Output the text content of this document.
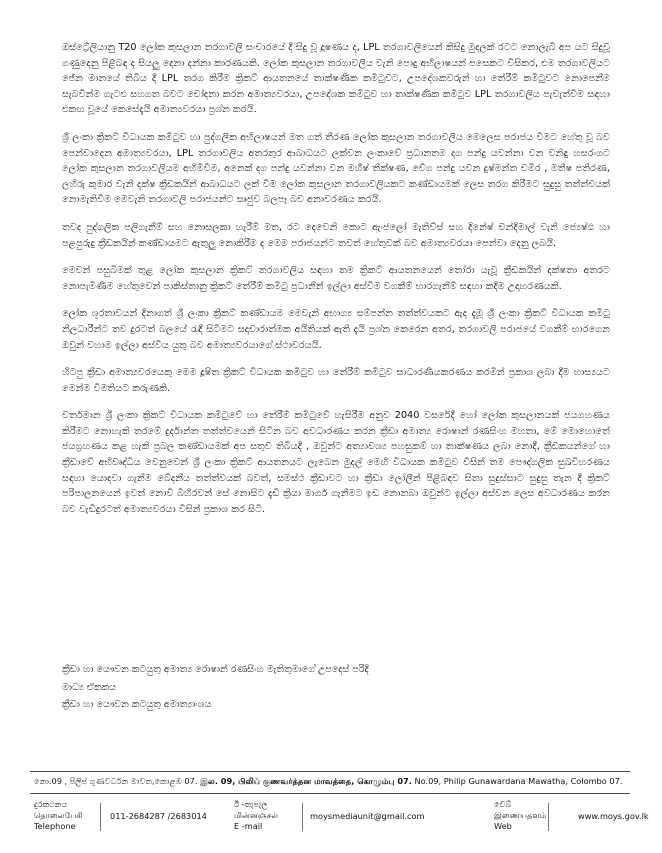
ඔස්ට්‍රේලියානු T20 ලෝක කුසලාන තරගාවලි සංචාරයේ දී සිදු වූ දූෂණය ද, LPL තරගාවලියෙන් කිසිදු මුදලක් රටට නොලැබී අප යට සිදුවූ ගණුදෙනු පිළිබඳ ද සියලු දෙනා දන්නා කාරණයකි. ලෝක කුසලාන තරගාවලිය වැනි පොදු අභිලාෂයන් පසෙකට විසිකර, එම තරගාවලියට ජේන මානයේ තිබිය දී LPL තරග කිරීම ක්‍රිකට් ආයතනයේ තාක්ෂණික කමිටුවට, උපදේශකවරුන් හා තේරීම් කමිටුවට නොපෙනීම සැබවින්ම ගැටළු සහගත බවට චෝදනා කරන අමාත්‍යවරයා, උපදේශක කමිටුව හා තාක්ෂණික කමිටුව LPL තරගාවලිය පැවැත්වීම සඳහා එකඟ වූයේ කෙසේදැයි අමාත්‍යවරයා ප්‍රශ්න කරයි.

ශ්‍රී ලංකා ක්‍රිකට් විධායක කමිටුව හා පුද්ගලික අභිලාෂයන් මත ගත් තීරණ ලෝක කුසලාන තරගාවලිය මෙලෙස පරාජය වීමට හේතු වූ බව පෙන්වාදෙන අමාත්‍යවරයා, LPL තරගාවලිය අතරතුර ආබාධයට ලක්වන ලංකාවේ ප්‍රධානතම දග පන්දු යවන්නා වන වනිඳු හසරංගට ලෝක කුසලාන තරගාවලියම අහිමිවීම, අනෙක් දග පන්දු යවන්නා වන මහීෂ් තීක්ෂණ, වේග පන්දු යවන දුෂ්මන්ත චමීර , මතීෂ පතිරණ, ලහිරු කුමාර වැනි දක්ෂ ක්‍රීඩකයින් ආබාධයට ලක් වීම ලෝක කුසලාන තරගාවලියකට කණ්ඩායමක් ලෙස තරග කිරීමට සුදුසු තත්ත්වයක් නොමැතිවීම මෙවැනි තරගාවලි පරාජයන්ට සෘජුව බලපෑ බව අනාවරණය කරයි.

තවද පුද්ගලික පලිගැනීම් සහ නොසලකා හැරීම් මත, රට දෙවෙනි කොට ඇංජලෝ මැතිව්ස් සහ දිනේෂ් චන්දිමාල් වැනි ජ්‍යෙෂ්ඨ හා පළපුරුදු ක්‍රීඩකයින් කණ්ඩායමට ඇතුලු නොකිරීම ද මෙම පරාජයන්ට තවත් හේතුවක් බව අමාත්‍යවරයා පෙන්වා දෙනු ලබයි.

මෙවන් පසුබිමක් තුළ ලෝක කුසලාන ක්‍රිකට් තරගාවලිය සඳහා තම ක්‍රිකට් ආයතනයෙන් තෝරා යැවූ ක්‍රීඩකයින් දක්ෂතා අතරට නොපැමිණීම හේතුවෙන් පාකිස්තානු ක්‍රිකට් තේරීම් කමිටු ප්‍රධානීන් ඉල්ලා අස්වීම වගකීම් භාරගැනීම් සඳහා කදිම උදාහරණයකි.

ලෝක ශූරතාවයන් දිනාගත් ශ්‍රී ලංකා ක්‍රිකට් කණ්ඩායම මෙවැනි අභාග්‍ය සම්පන්න තත්ත්වයකට ඇද දැමූ ශ්‍රී ලංකා ක්‍රිකට් විධායක කමිටු නිලධාරීන්ට තව දුරටත් බලයේ රැඳී සිටීමට සදාචාරාත්මක අයිතියක් ඇති දැයි ප්‍රශ්න කෙරෙන අතර, තරගාවලි පරාජයේ වගකීම් භාරගෙන ඔවුන් වහාම ඉල්ලා අස්විය යුතු බව අමාත්‍යවරයාගේ ස්ථාවරයයි.

හිටපු ක්‍රීඩා අමාත්‍යවරයෙකු මෙම දූෂිත ක්‍රිකට් විධායක කමිටුව හා තේරීම් කමිටුව සාධාරණීයකරණය කරමින් ප්‍රකාශ ලබා දීම හාස්‍යයට මෙන්ම විමතියට කරුණකි.

වර්තමාන ශ්‍රී ලංකා ක්‍රිකට් විධායක කමිටුවේ හා තේරීම් කමිටුවේ හැසිරීම අනුව 2040 වසරේදී හෝ ලෝක කුසලානයක් ජයගහණය කිරීමට නොහැකි තරමේ දුර්දාන්ත තත්ත්වයෙන් සිටින බව අවධාරණය කරන ක්‍රීඩා අමාත්‍ය රොෂාන් රණසිංහ මහතා, මේ මොහොතේ ජයග්‍රහණය කළ හැකි ප්‍රබල කණ්ඩායමක් අප සතුව තිබියදී , ඔවුන්ට අත්‍යාවශ්‍ය පහසුකම් හා තාක්ෂණය ලබා නොදී, ක්‍රීඩකයන්ගේ හා ක්‍රීඩාවේ අභිවෘද්ධිය වෙනුවෙන් ශ්‍රී ලංකා ක්‍රිකට් ආයතනයට ලැබෙන මුදල් මෙහි විධායක කමිටුව විසින් තම පෞද්ගලික සුඛවිහරණය සඳහා යොදවා ගැනීම බේදනීය තත්ත්වයක් බවත්, සමස්ථ ක්‍රීඩාවට හා ක්‍රීඩා ලෝලීන් පිළිබඳව සිතා සුදුස්සාට සුදුසු තැන දී ක්‍රිකට් පරිපාලනයෙන් ඉවත් නොවී බිහිරවන් සේ නොසිට දැඩි ක්‍රියා මාර්ග ගැනීමට ඉඩ නොතබා ඔවුන්ට ඉල්ලා අස්වන ලෙස අවධාරණය කරන බව වැඩිදුරටත් අමාත්‍යවරයා විසින් ප්‍රකාශ කර සිටී.

ක්‍රීඩා හා යෞවන කටයුතු අමාත්‍ය රොෂාන් රණසිංහ මැතිතුමාගේ උපදෙස් පරිදි
මාධ්‍ය ඒකකය
ක්‍රීඩා හා යෞවන කටයුතු අමාත්‍යාංශය
නො.09 , පිලිප් ගුණවර්ධන මාවත,කොළඹ 07. இல. 09, பிலிப் குணவர்த்தன மாவத்தை, கொழும்பு 07. No.09, Philip Gunawardana Mawatha, Colombo 07.
දුරකථනය
தொலைபேசி
Telephone
011-2684287 /2683014
ඊ -තැපැල
மின்னஞ்சல்
E -mail
moysmediaunit@gmail.com
වෙබ්
இணையதளம்
Web
www.moys.gov.lk
